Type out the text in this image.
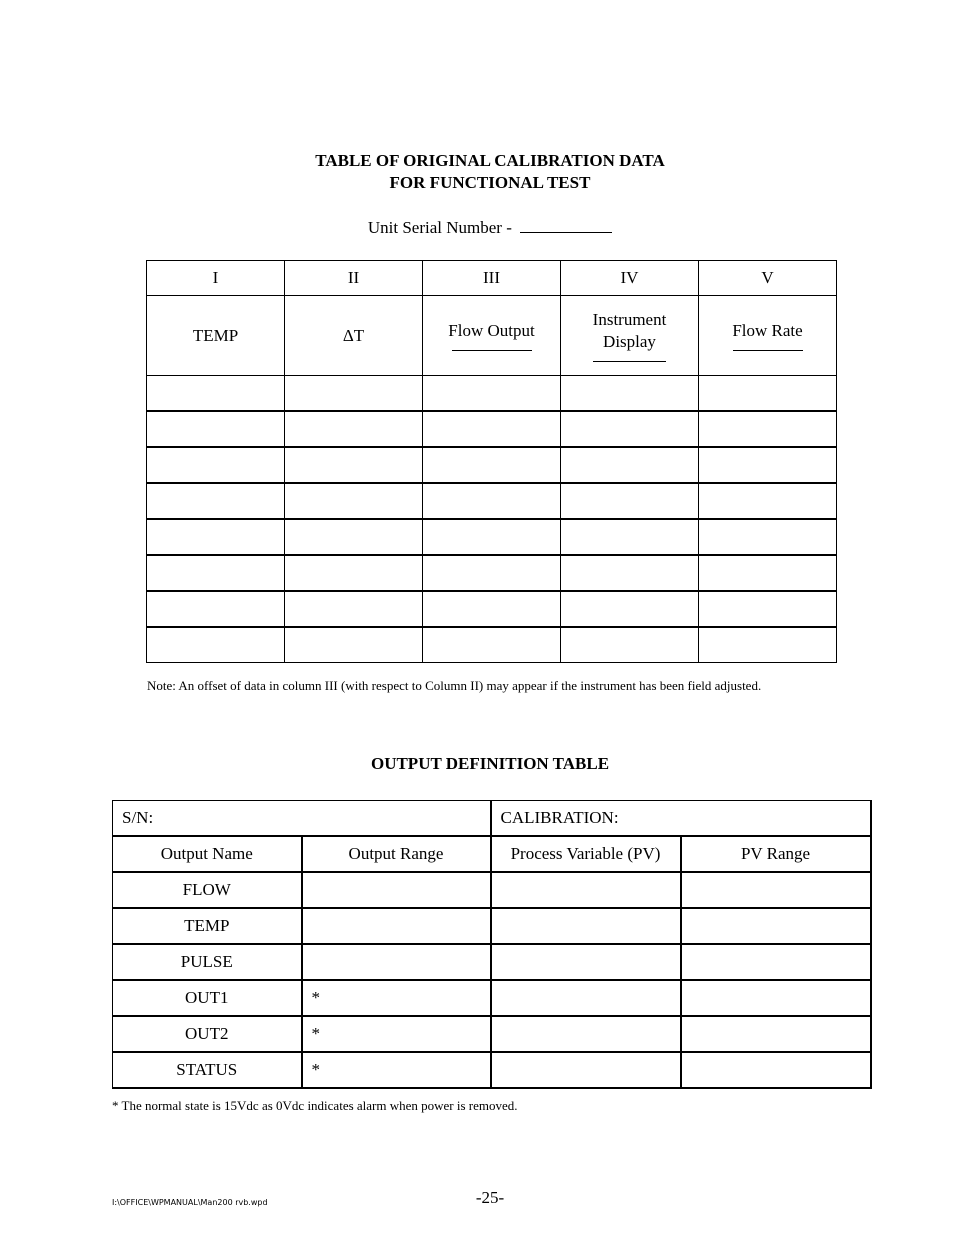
TABLE OF ORIGINAL CALIBRATION DATA
FOR FUNCTIONAL TEST
Unit Serial Number -
I	II	III	IV	V

TEMP	ΔT	Flow Output	Instrument Display	Flow Rate

Note: An offset of data in column III (with respect to Column II) may appear if the instrument has been field adjusted.
OUTPUT DEFINITION TABLE
S/N:		CALIBRATION:	
Output Name	Output Range	Process Variable (PV)	PV Range
FLOW			
TEMP			
PULSE			
OUT1	*		
OUT2	*		
STATUS	*		
* The normal state is 15Vdc as 0Vdc indicates alarm when power is removed.
-25-
I:\OFFICE\WPMANUAL\Man200 rvb.wpd
